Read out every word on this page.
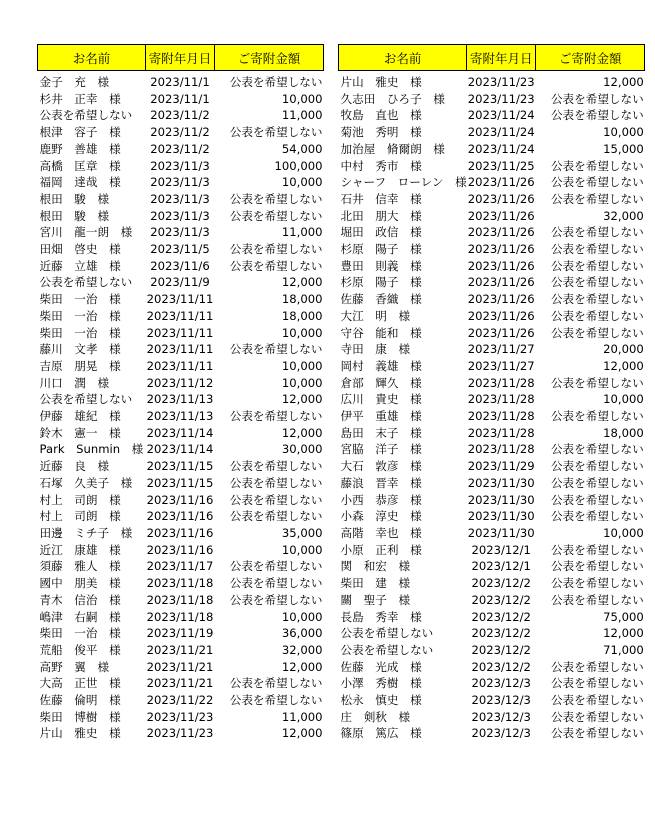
お名前	寄附年月日	ご寄附金額

金子　充　様	2023/11/1	公表を希望しない
杉井　正幸　様	2023/11/1	10,000
公表を希望しない	2023/11/2	11,000
根津　容子　様	2023/11/2	公表を希望しない
鹿野　善雄　様	2023/11/2	54,000
高橋　匡章　様	2023/11/3	100,000
福岡　達哉　様	2023/11/3	10,000
根田　駿　様	2023/11/3	公表を希望しない
根田　駿　様	2023/11/3	公表を希望しない
宮川　龍一朗　様	2023/11/3	11,000
田畑　啓史　様	2023/11/5	公表を希望しない
近藤　立雄　様	2023/11/6	公表を希望しない
公表を希望しない	2023/11/9	12,000
柴田　一治　様	2023/11/11	18,000
柴田　一治　様	2023/11/11	18,000
柴田　一治　様	2023/11/11	10,000
藤川　文孝　様	2023/11/11	公表を希望しない
吉原　朋晃　様	2023/11/11	10,000
川口　潤　様	2023/11/12	10,000
公表を希望しない	2023/11/13	12,000
伊藤　雄紀　様	2023/11/13	公表を希望しない
鈴木　憲一　様	2023/11/14	12,000
Park　Sunmin　様	2023/11/14	30,000
近藤　良　様	2023/11/15	公表を希望しない
石塚　久美子　様	2023/11/15	公表を希望しない
村上　司朗　様	2023/11/16	公表を希望しない
村上　司朗　様	2023/11/16	公表を希望しない
田邊　ミチ子　様	2023/11/16	35,000
近江　康雄　様	2023/11/16	10,000
須藤　雅人　様	2023/11/17	公表を希望しない
國中　朋美　様	2023/11/18	公表を希望しない
青木　信治　様	2023/11/18	公表を希望しない
嶋津　右嗣　様	2023/11/18	10,000
柴田　一治　様	2023/11/19	36,000
荒船　俊平　様	2023/11/21	32,000
高野　翼　様	2023/11/21	12,000
大高　正世　様	2023/11/21	公表を希望しない
佐藤　倫明　様	2023/11/22	公表を希望しない
柴田　博樹　様	2023/11/23	11,000
片山　雅史　様	2023/11/23	12,000
お名前	寄附年月日	ご寄附金額

片山　雅史　様	2023/11/23	12,000
久志田　ひろ子　様	2023/11/23	公表を希望しない
牧島　直也　様	2023/11/24	公表を希望しない
菊池　秀明　様	2023/11/24	10,000
加治屋　脩爾朗　様	2023/11/24	15,000
中村　秀市　様	2023/11/25	公表を希望しない
シャーフ　ローレン　様	2023/11/26	公表を希望しない
石井　信幸　様	2023/11/26	公表を希望しない
北田　朋大　様	2023/11/26	32,000
堀田　政信　様	2023/11/26	公表を希望しない
杉原　陽子　様	2023/11/26	公表を希望しない
豊田　則義　様	2023/11/26	公表を希望しない
杉原　陽子　様	2023/11/26	公表を希望しない
佐藤　香織　様	2023/11/26	公表を希望しない
大江　明　様	2023/11/26	公表を希望しない
守谷　能和　様	2023/11/26	公表を希望しない
寺田　康　様	2023/11/27	20,000
岡村　義雄　様	2023/11/27	12,000
倉部　輝久　様	2023/11/28	公表を希望しない
広川　貴史　様	2023/11/28	10,000
伊平　重雄　様	2023/11/28	公表を希望しない
島田　末子　様	2023/11/28	18,000
宮脇　洋子　様	2023/11/28	公表を希望しない
大石　敦彦　様	2023/11/29	公表を希望しない
藤浪　晋幸　様	2023/11/30	公表を希望しない
小西　恭彦　様	2023/11/30	公表を希望しない
小森　淳史　様	2023/11/30	公表を希望しない
高階　幸也　様	2023/11/30	10,000
小原　正利　様	2023/12/1	公表を希望しない
関　和宏　様	2023/12/1	公表を希望しない
柴田　建　様	2023/12/2	公表を希望しない
關　聖子　様	2023/12/2	公表を希望しない
長島　秀幸　様	2023/12/2	75,000
公表を希望しない	2023/12/2	12,000
公表を希望しない	2023/12/2	71,000
佐藤　光成　様	2023/12/2	公表を希望しない
小澤　秀樹　様	2023/12/3	公表を希望しない
松永　慎史　様	2023/12/3	公表を希望しない
庄　剣秋　様	2023/12/3	公表を希望しない
篠原　篤広　様	2023/12/3	公表を希望しない
